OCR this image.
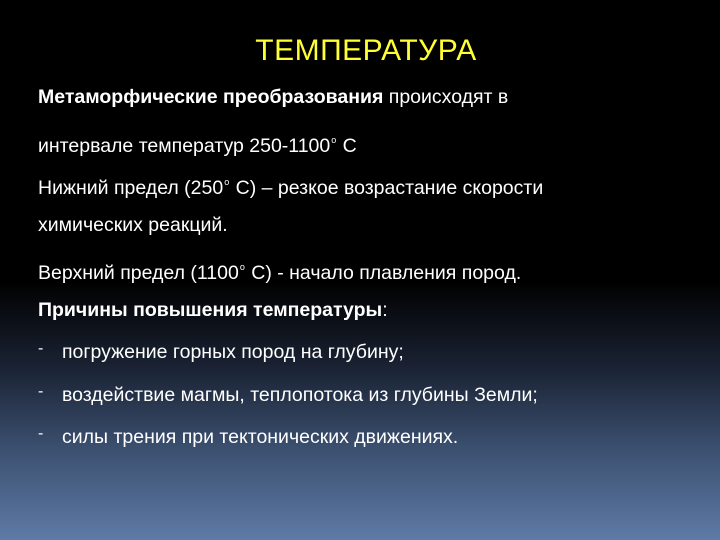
ТЕМПЕРАТУРА
Метаморфические преобразования происходят в
интервале температур $250-1100^о$ С
Нижний предел ($250^о$ С) – резкое возрастание скорости
химических реакций.
Верхний предел ($1100^о$ С) - начало плавления пород.
Причины повышения температуры:
- погружение горных пород на глубину;
- воздействие магмы, теплопотока из глубины Земли;
- силы трения при тектонических движениях.
